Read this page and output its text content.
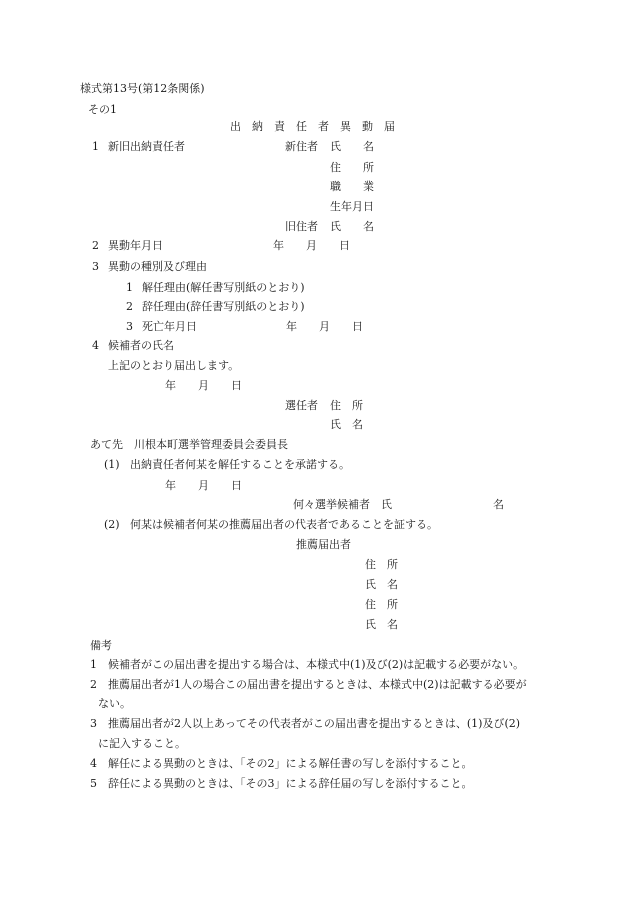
様式第13号(第12条関係)
その1
出　納　責　任　者　異　動　届
1 新旧出納責任者	新住者 氏　　名
住　　所
職　　業
生年月日
旧住者 氏　　名
2 異動年月日	年　　月　　日
3 異動の種別及び理由
1 解任理由(解任書写別紙のとおり)
2 辞任理由(辞任書写別紙のとおり)
3 死亡年月日	年　　月　　日
4 候補者の氏名
上記のとおり届出します。
年　　月　　日
選任者 住　所
氏　名
あて先　川根本町選挙管理委員会委員長
(1) 出納責任者何某を解任することを承諾する。
年　　月　　日
何々選挙候補者　氏	名
(2) 何某は候補者何某の推薦届出者の代表者であることを証する。
推薦届出者
住　所
氏　名
住　所
氏　名
備考
1 候補者がこの届出書を提出する場合は、本様式中(1)及び(2)は記載する必要がない。
2 推薦届出者が1人の場合この届出書を提出するときは、本様式中(2)は記載する必要が
ない。
3 推薦届出者が2人以上あってその代表者がこの届出書を提出するときは、(1)及び(2)
に記入すること。
4 解任による異動のときは、「その2」による解任書の写しを添付すること。
5 辞任による異動のときは、「その3」による辞任届の写しを添付すること。
